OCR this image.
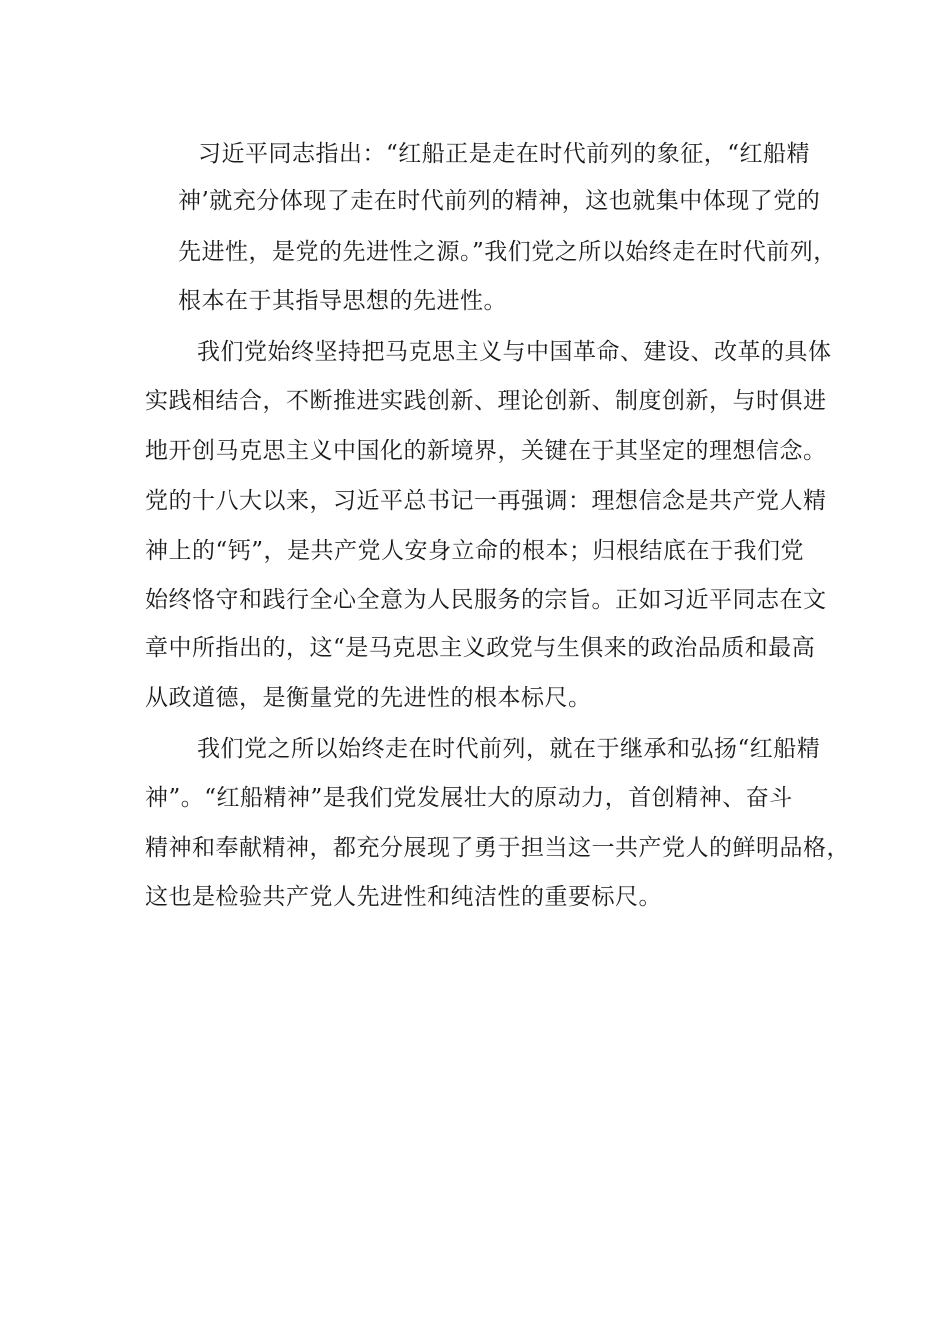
习近平同志指出：“红船正是走在时代前列的象征，“红船精
神’就充分体现了走在时代前列的精神，这也就集中体现了党的
先进性，是党的先进性之源。”我们党之所以始终走在时代前列，
根本在于其指导思想的先进性。
我们党始终坚持把马克思主义与中国革命、建设、改革的具体
实践相结合，不断推进实践创新、理论创新、制度创新，与时俱进
地开创马克思主义中国化的新境界，关键在于其坚定的理想信念。
党的十八大以来，习近平总书记一再强调：理想信念是共产党人精
神上的“钙”，是共产党人安身立命的根本；归根结底在于我们党
始终恪守和践行全心全意为人民服务的宗旨。正如习近平同志在文
章中所指出的，这“是马克思主义政党与生俱来的政治品质和最高
从政道德，是衡量党的先进性的根本标尺。
我们党之所以始终走在时代前列，就在于继承和弘扬“红船精
神”。“红船精神”是我们党发展壮大的原动力，首创精神、奋斗
精神和奉献精神，都充分展现了勇于担当这一共产党人的鲜明品格，
这也是检验共产党人先进性和纯洁性的重要标尺。
